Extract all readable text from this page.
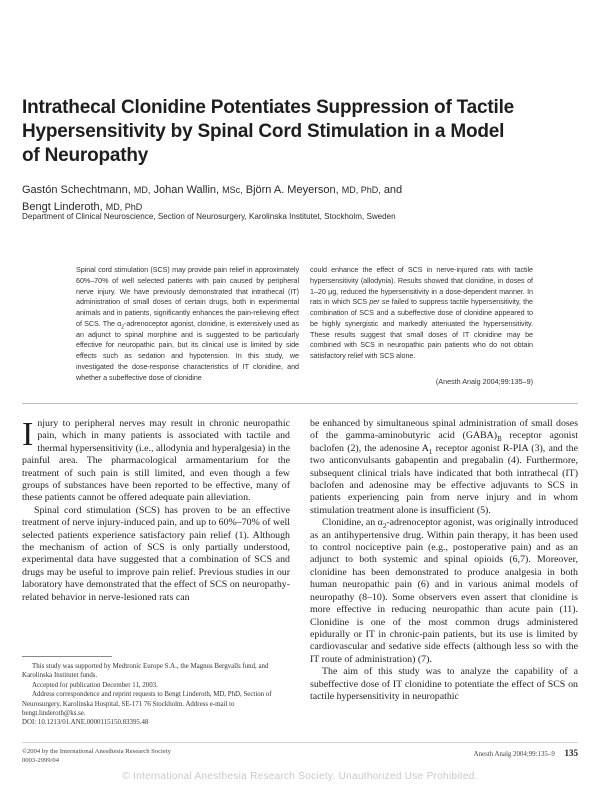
Intrathecal Clonidine Potentiates Suppression of Tactile
Hypersensitivity by Spinal Cord Stimulation in a Model
of Neuropathy
Gastón Schechtmann, MD, Johan Wallin, MSc, Björn A. Meyerson, MD, PhD, and
Bengt Linderoth, MD, PhD
Department of Clinical Neuroscience, Section of Neurosurgery, Karolinska Institutet, Stockholm, Sweden
Spinal cord stimulation (SCS) may provide pain relief in approximately 60%–70% of well selected patients with pain caused by peripheral nerve injury. We have previously demonstrated that intrathecal (IT) administration of small doses of certain drugs, both in experimental animals and in patients, significantly enhances the pain-relieving effect of SCS. The $\alpha_2$-adrenoceptor agonist, clonidine, is extensively used as an adjunct to spinal morphine and is suggested to be particularly effective for neuropathic pain, but its clinical use is limited by side effects such as sedation and hypotension. In this study, we investigated the dose-response characteristics of IT clonidine, and whether a subeffective dose of clonidine
could enhance the effect of SCS in nerve-injured rats with tactile hypersensitivity (allodynia). Results showed that clonidine, in doses of 1–20 μg, reduced the hypersensitivity in a dose-dependent manner. In rats in which SCS per se failed to suppress tactile hypersensitivity, the combination of SCS and a subeffective dose of clonidine appeared to be highly synergistic and markedly attenuated the hypersensitivity. These results suggest that small doses of IT clonidine may be combined with SCS in neuropathic pain patients who do not obtain satisfactory relief with SCS alone.
(Anesth Analg 2004;99:135–9)

Injury to peripheral nerves may result in chronic neuropathic pain, which in many patients is associated with tactile and thermal hypersensitivity (i.e., allodynia and hyperalgesia) in the painful area. The pharmacological armamentarium for the treatment of such pain is still limited, and even though a few groups of substances have been reported to be effective, many of these patients cannot be offered adequate pain alleviation.

Spinal cord stimulation (SCS) has proven to be an effective treatment of nerve injury-induced pain, and up to 60%–70% of well selected patients experience satisfactory pain relief (1). Although the mechanism of action of SCS is only partially understood, experimental data have suggested that a combination of SCS and drugs may be useful to improve pain relief. Previous studies in our laboratory have demonstrated that the effect of SCS on neuropathy-related behavior in nerve-lesioned rats can

be enhanced by simultaneous spinal administration of small doses of the gamma-aminobutyric acid $(GABA)_B$ receptor agonist baclofen (2), the adenosine $A_1$ receptor agonist R-PIA (3), and the two anticonvulsants gabapentin and pregabalin (4). Furthermore, subsequent clinical trials have indicated that both intrathecal (IT) baclofen and adenosine may be effective adjuvants to SCS in patients experiencing pain from nerve injury and in whom stimulation treatment alone is insufficient (5).

Clonidine, an $\alpha_2$-adrenoceptor agonist, was originally introduced as an antihypertensive drug. Within pain therapy, it has been used to control nociceptive pain (e.g., postoperative pain) and as an adjunct to both systemic and spinal opioids (6,7). Moreover, clonidine has been demonstrated to produce analgesia in both human neuropathic pain (6) and in various animal models of neuropathy (8–10). Some observers even assert that clonidine is more effective in reducing neuropathic than acute pain (11). Clonidine is one of the most common drugs administered epidurally or IT in chronic-pain patients, but its use is limited by cardiovascular and sedative side effects (although less so with the IT route of administration) (7).

The aim of this study was to analyze the capability of a subeffective dose of IT clonidine to potentiate the effect of SCS on tactile hypersensitivity in neuropathic

This study was supported by Medtronic Europe S.A., the Magnus Bergvalls fund, and Karolinska Institutet funds.
Accepted for publication December 11, 2003.
Address correspondence and reprint requests to Bengt Linderoth, MD, PhD, Section of Neurosurgery, Karolinska Hospital, SE-171 76 Stockholm. Address e-mail to bengt.linderoth@ks.se.
DOI: 10.1213/01.ANE.0000115150.83395.48
©2004 by the International Anesthesia Research Society
0003-2999/04
Anesth Analg 2004;99:135–9 135
© International Anesthesia Research Society. Unauthorized Use Prohibited.
